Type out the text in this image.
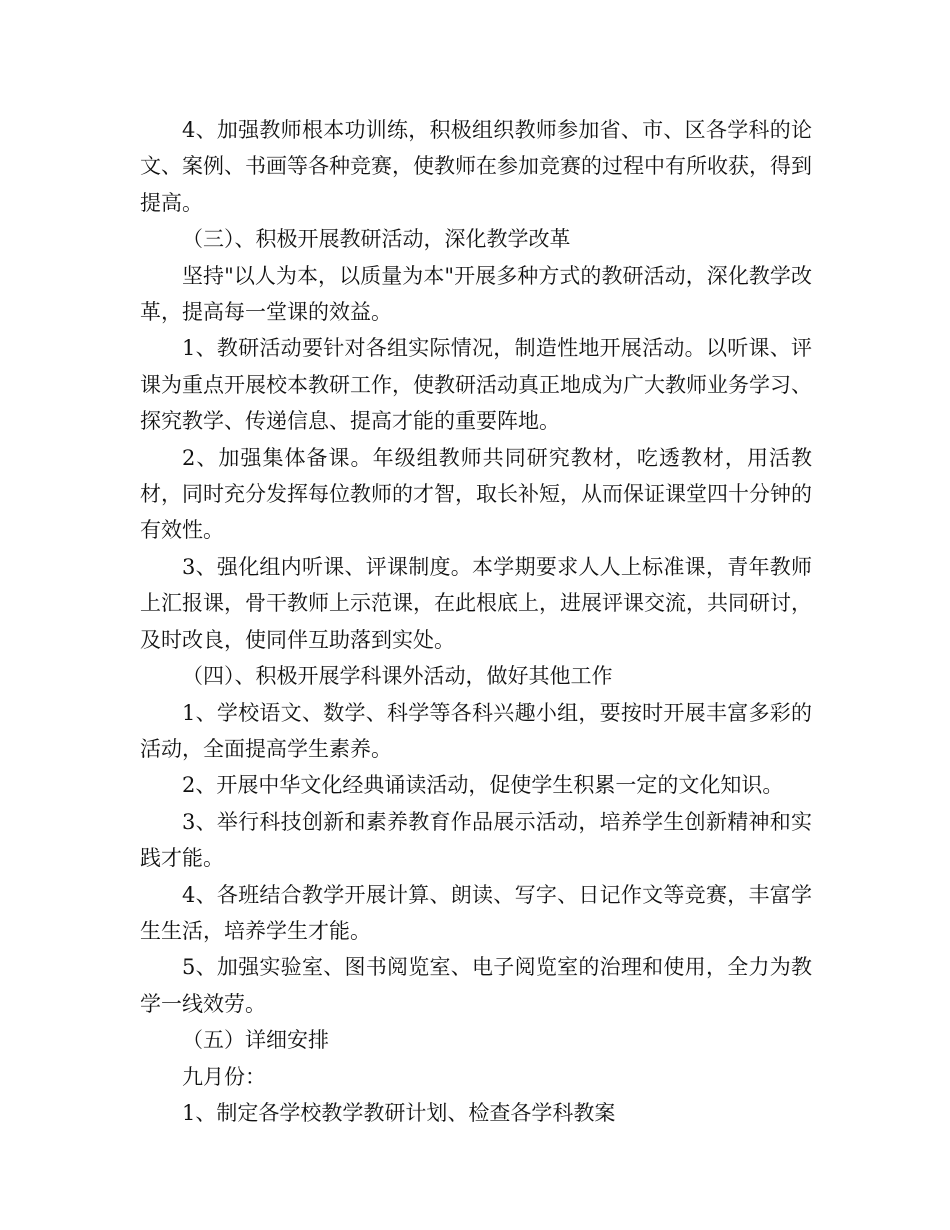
4、加强教师根本功训练，积极组织教师参加省、市、区各学科的论文、案例、书画等各种竞赛，使教师在参加竞赛的过程中有所收获，得到提高。

（三）、积极开展教研活动，深化教学改革

坚持"以人为本，以质量为本"开展多种方式的教研活动，深化教学改革，提高每一堂课的效益。

1、教研活动要针对各组实际情况，制造性地开展活动。以听课、评课为重点开展校本教研工作，使教研活动真正地成为广大教师业务学习、探究教学、传递信息、提高才能的重要阵地。

2、加强集体备课。年级组教师共同研究教材，吃透教材，用活教材，同时充分发挥每位教师的才智，取长补短，从而保证课堂四十分钟的有效性。

3、强化组内听课、评课制度。本学期要求人人上标准课，青年教师上汇报课，骨干教师上示范课，在此根底上，进展评课交流，共同研讨，及时改良，使同伴互助落到实处。

（四）、积极开展学科课外活动，做好其他工作

1、学校语文、数学、科学等各科兴趣小组，要按时开展丰富多彩的活动，全面提高学生素养。

2、开展中华文化经典诵读活动，促使学生积累一定的文化知识。

3、举行科技创新和素养教育作品展示活动，培养学生创新精神和实践才能。

4、各班结合教学开展计算、朗读、写字、日记作文等竞赛，丰富学生生活，培养学生才能。

5、加强实验室、图书阅览室、电子阅览室的治理和使用，全力为教学一线效劳。

（五）详细安排

九月份：

1、制定各学校教学教研计划、检查各学科教案
